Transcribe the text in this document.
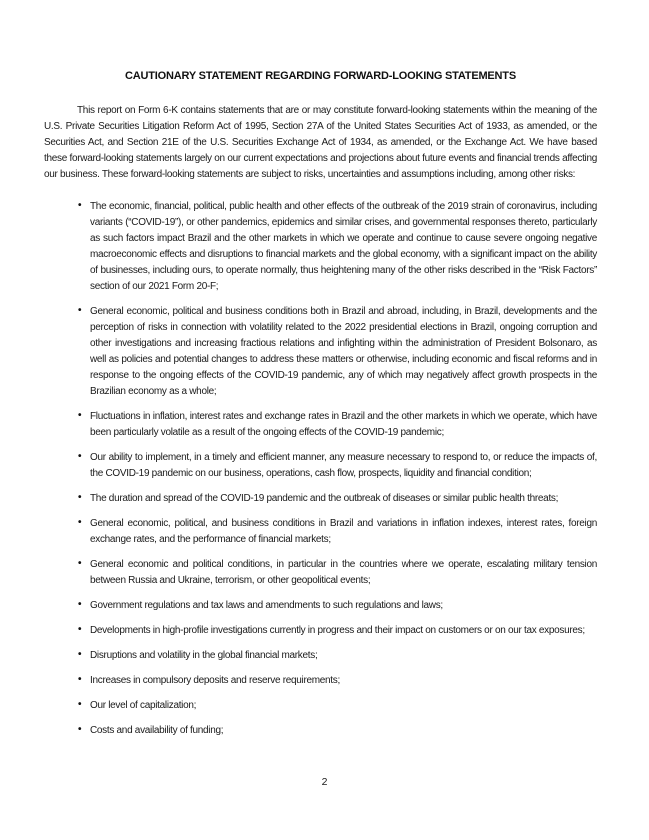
CAUTIONARY STATEMENT REGARDING FORWARD-LOOKING STATEMENTS

This report on Form 6-K contains statements that are or may constitute forward-looking statements within the meaning of the U.S. Private Securities Litigation Reform Act of 1995, Section 27A of the United States Securities Act of 1933, as amended, or the Securities Act, and Section 21E of the U.S. Securities Exchange Act of 1934, as amended, or the Exchange Act. We have based these forward-looking statements largely on our current expectations and projections about future events and financial trends affecting our business. These forward-looking statements are subject to risks, uncertainties and assumptions including, among other risks:

• The economic, financial, political, public health and other effects of the outbreak of the 2019 strain of coronavirus, including variants (“COVID-19”), or other pandemics, epidemics and similar crises, and governmental responses thereto, particularly as such factors impact Brazil and the other markets in which we operate and continue to cause severe ongoing negative macroeconomic effects and disruptions to financial markets and the global economy, with a significant impact on the ability of businesses, including ours, to operate normally, thus heightening many of the other risks described in the “Risk Factors” section of our 2021 Form 20-F;
• General economic, political and business conditions both in Brazil and abroad, including, in Brazil, developments and the perception of risks in connection with volatility related to the 2022 presidential elections in Brazil, ongoing corruption and other investigations and increasing fractious relations and infighting within the administration of President Bolsonaro, as well as policies and potential changes to address these matters or otherwise, including economic and fiscal reforms and in response to the ongoing effects of the COVID-19 pandemic, any of which may negatively affect growth prospects in the Brazilian economy as a whole;
• Fluctuations in inflation, interest rates and exchange rates in Brazil and the other markets in which we operate, which have been particularly volatile as a result of the ongoing effects of the COVID-19 pandemic;
• Our ability to implement, in a timely and efficient manner, any measure necessary to respond to, or reduce the impacts of, the COVID-19 pandemic on our business, operations, cash flow, prospects, liquidity and financial condition;
• The duration and spread of the COVID-19 pandemic and the outbreak of diseases or similar public health threats;
• General economic, political, and business conditions in Brazil and variations in inflation indexes, interest rates, foreign exchange rates, and the performance of financial markets;
• General economic and political conditions, in particular in the countries where we operate, escalating military tension between Russia and Ukraine, terrorism, or other geopolitical events;
• Government regulations and tax laws and amendments to such regulations and laws;
• Developments in high-profile investigations currently in progress and their impact on customers or on our tax exposures;
• Disruptions and volatility in the global financial markets;
• Increases in compulsory deposits and reserve requirements;
• Our level of capitalization;
• Costs and availability of funding;
2
